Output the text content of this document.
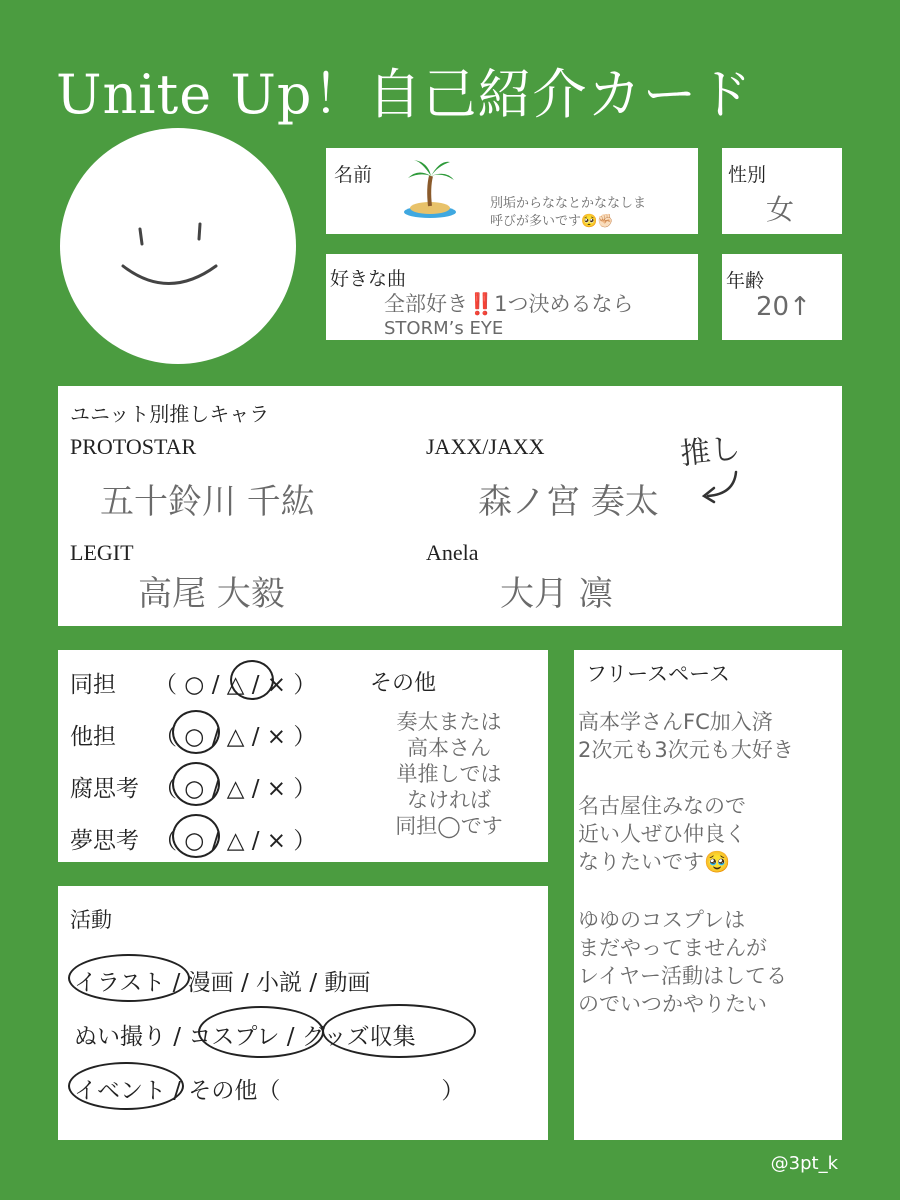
Unite Up！自己紹介カード
名前
別垢からななとかななしま
呼びが多いです🥺✊🏻
性別
女
好きな曲
全部好き‼️1つ決めるなら
STORM’s EYE
年齢
20↑
ユニット別推しキャラ
PROTOSTAR
五十鈴川 千紘
JAXX/JAXX
森ノ宮 奏太
推し
LEGIT
高尾 大毅
Anela
大月 凛
同担 （ ○ / △ / × ）
他担 （ ○ / △ / × ）
腐思考 （ ○ / △ / × ）
夢思考 （ ○ / △ / × ）
その他
奏太または
高本さん
単推しでは
なければ
同担◯です
活動
イラスト / 漫画 / 小説 / 動画
ぬい撮り / コスプレ / グッズ収集
イベント / その他（　　　　　　　）
フリースペース
高本学さんFC加入済
2次元も3次元も大好き
名古屋住みなので
近い人ぜひ仲良く
なりたいです🥹
ゆゆのコスプレは
まだやってませんが
レイヤー活動はしてる
のでいつかやりたい
@3pt_k
